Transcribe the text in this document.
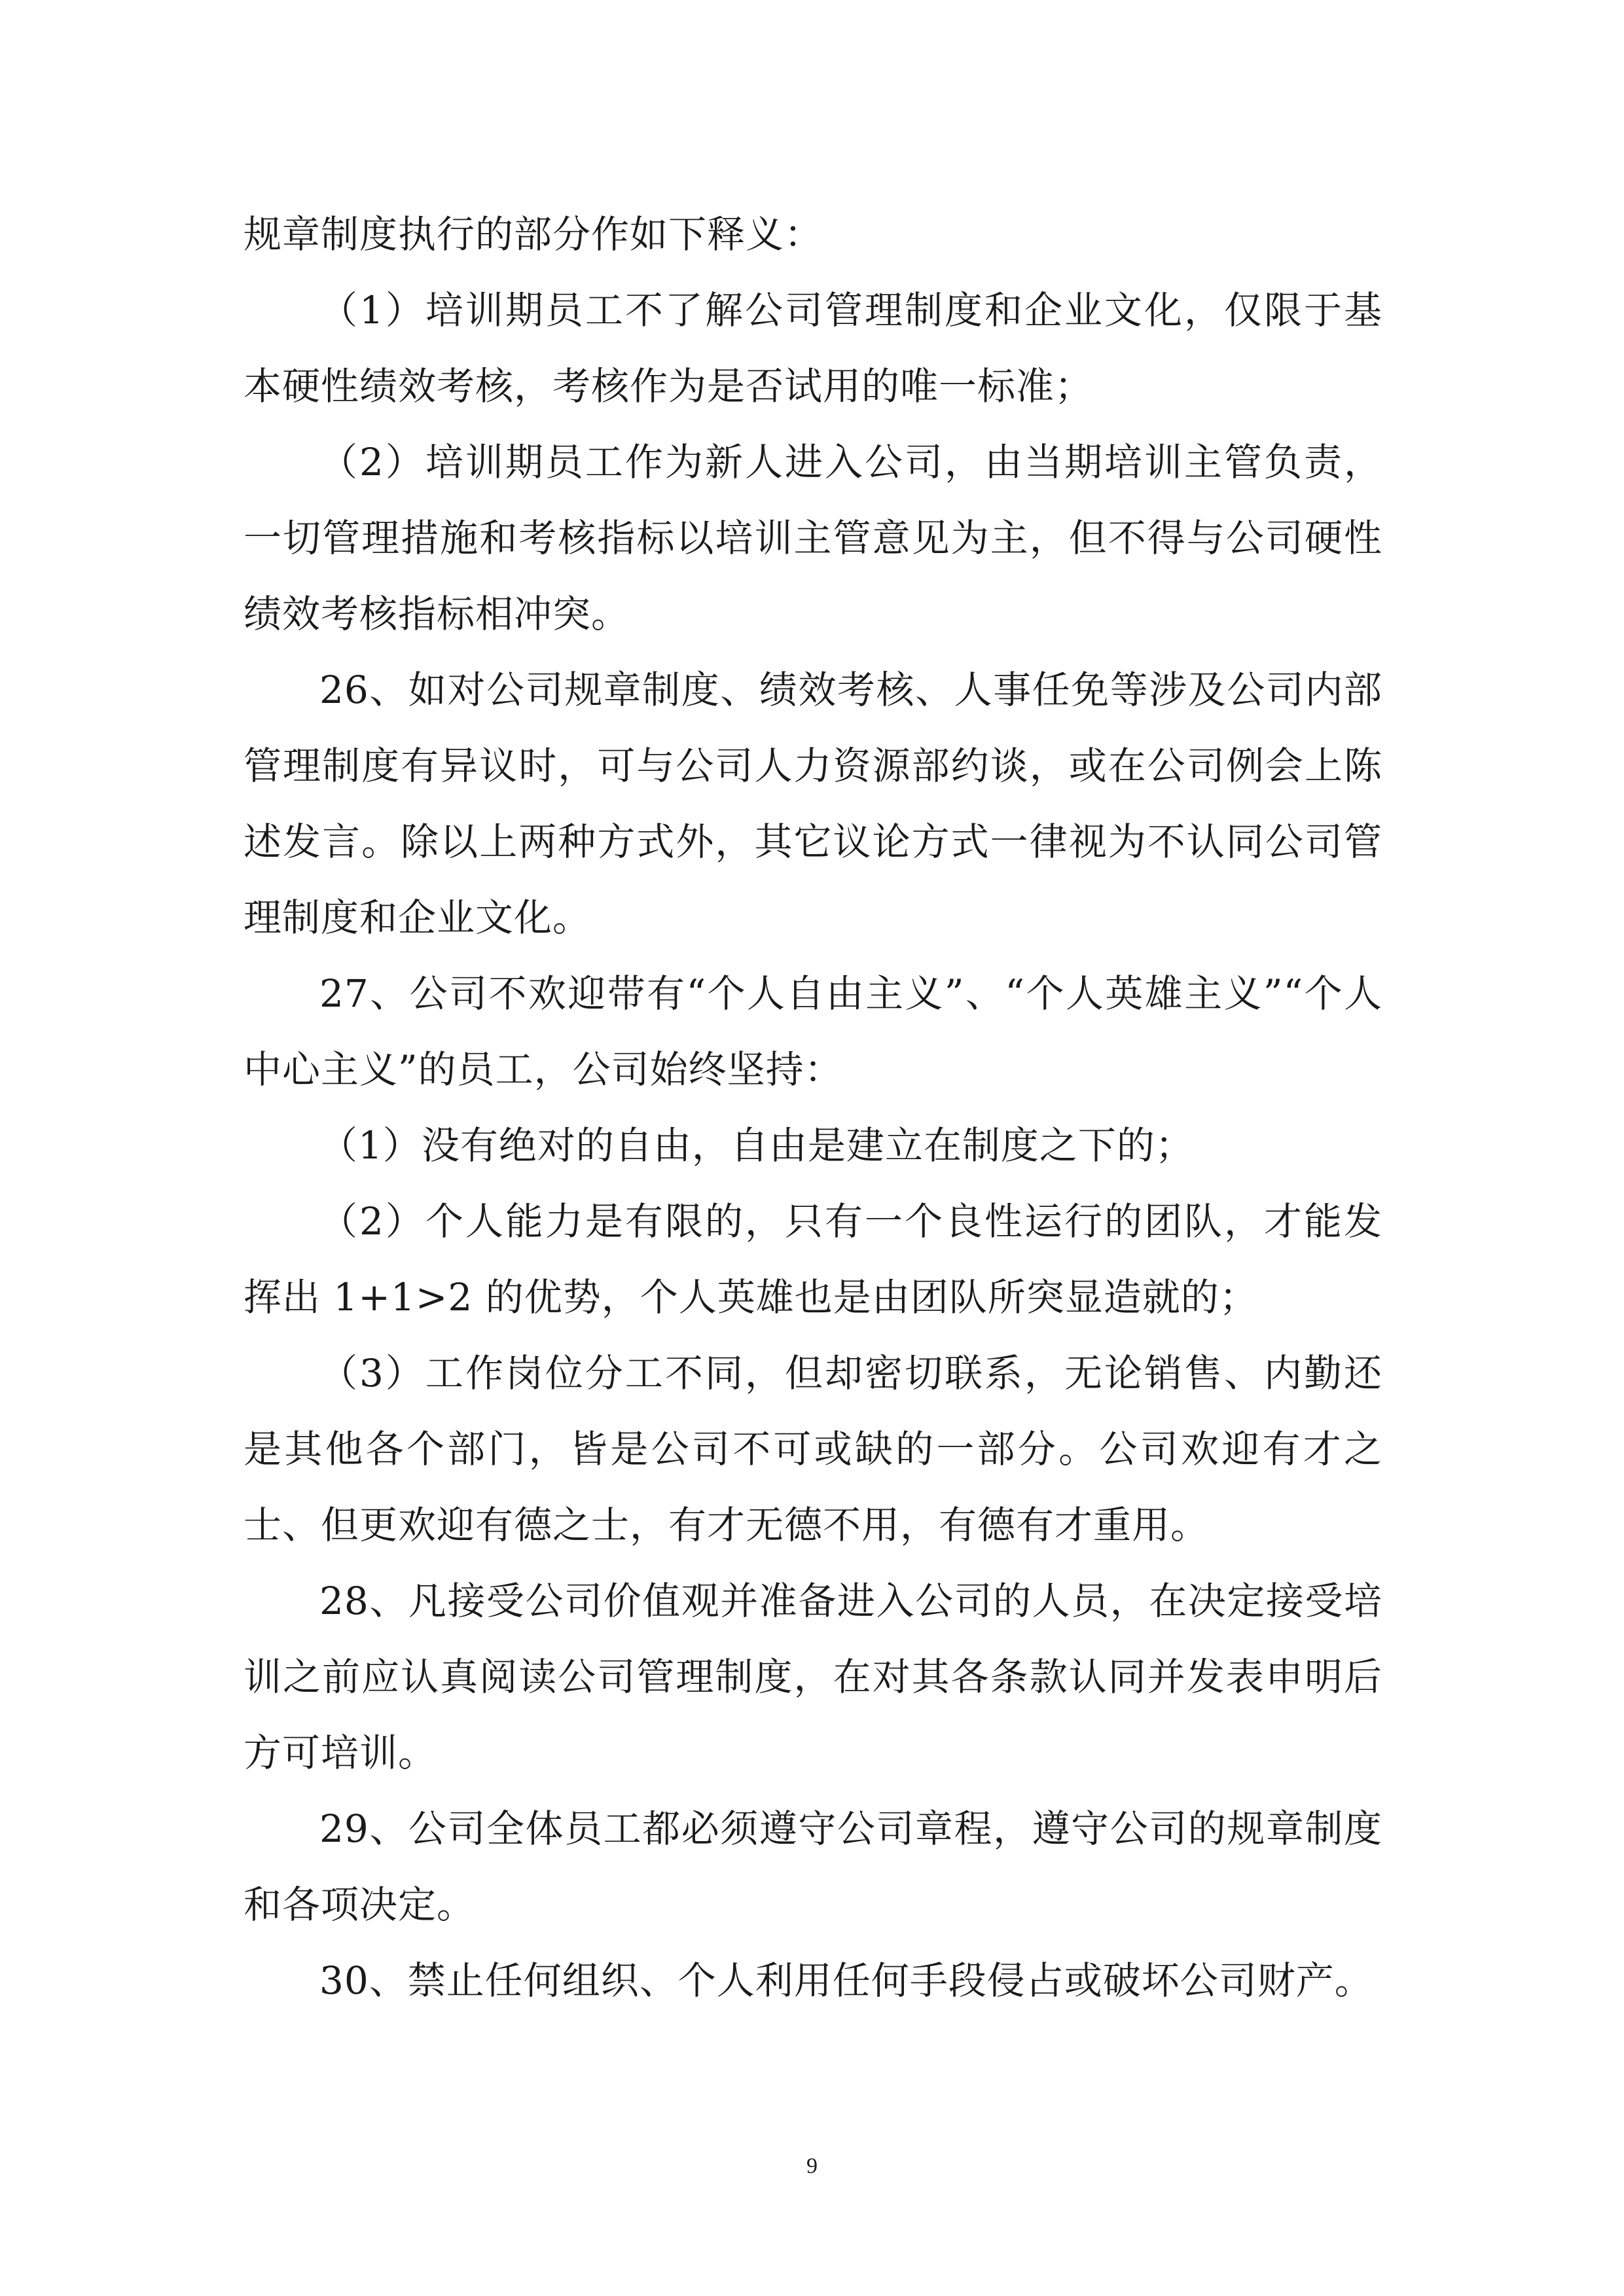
规章制度执行的部分作如下释义：

（1）培训期员工不了解公司管理制度和企业文化，仅限于基本硬性绩效考核，考核作为是否试用的唯一标准；

（2）培训期员工作为新人进入公司，由当期培训主管负责，一切管理措施和考核指标以培训主管意见为主，但不得与公司硬性绩效考核指标相冲突。

26、如对公司规章制度、绩效考核、人事任免等涉及公司内部管理制度有异议时，可与公司人力资源部约谈，或在公司例会上陈述发言。除以上两种方式外，其它议论方式一律视为不认同公司管理制度和企业文化。

27、公司不欢迎带有“个人自由主义”、“个人英雄主义”“个人中心主义”的员工，公司始终坚持：

（1）没有绝对的自由，自由是建立在制度之下的；

（2）个人能力是有限的，只有一个良性运行的团队，才能发挥出 1+1>2 的优势，个人英雄也是由团队所突显造就的；

（3）工作岗位分工不同，但却密切联系，无论销售、内勤还是其他各个部门，皆是公司不可或缺的一部分。公司欢迎有才之士、但更欢迎有德之士，有才无德不用，有德有才重用。

28、凡接受公司价值观并准备进入公司的人员，在决定接受培训之前应认真阅读公司管理制度，在对其各条款认同并发表申明后方可培训。

29、公司全体员工都必须遵守公司章程，遵守公司的规章制度和各项决定。

30、禁止任何组织、个人利用任何手段侵占或破坏公司财产。

9
